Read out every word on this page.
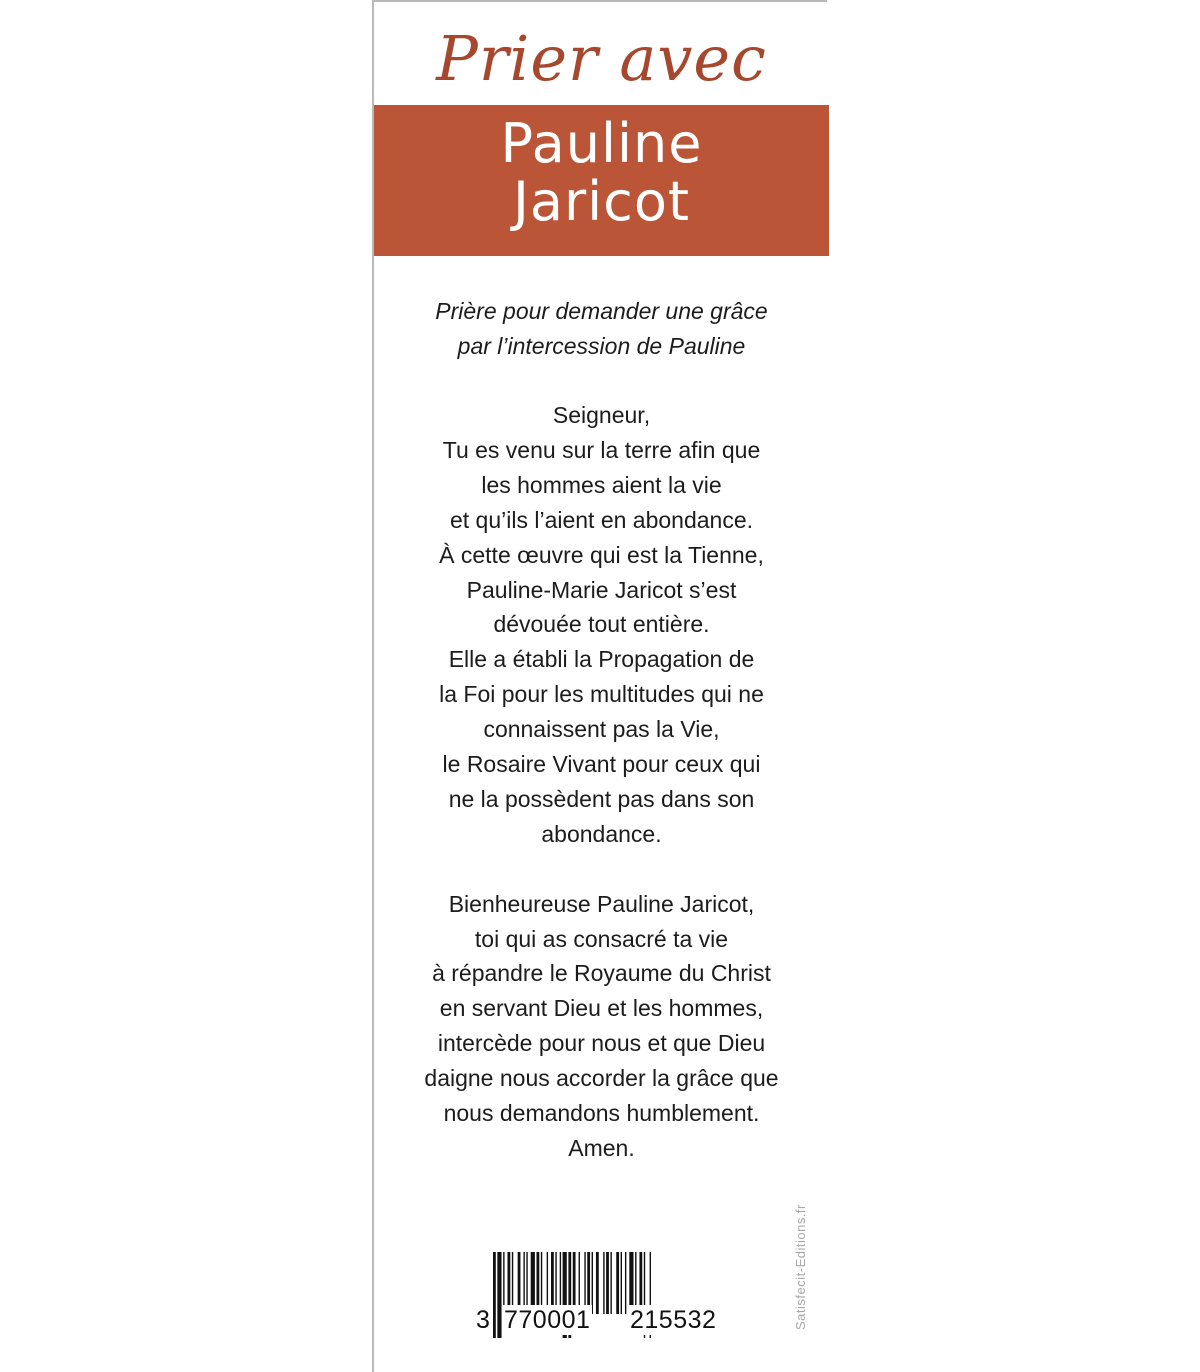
Prier avec
Pauline
Jaricot
Prière pour demander une grâce
par l’intercession de Pauline
Seigneur,
Tu es venu sur la terre afin que
les hommes aient la vie
et qu’ils l’aient en abondance.
À cette œuvre qui est la Tienne,
Pauline-Marie Jaricot s’est
dévouée tout entière.
Elle a établi la Propagation de
la Foi pour les multitudes qui ne
connaissent pas la Vie,
le Rosaire Vivant pour ceux qui
ne la possèdent pas dans son
abondance.
Bienheureuse Pauline Jaricot,
toi qui as consacré ta vie
à répandre le Royaume du Christ
en servant Dieu et les hommes,
intercède pour nous et que Dieu
daigne nous accorder la grâce que
nous demandons humblement.
Amen.
3 770001 215532	Satisfecit-Editions.fr
